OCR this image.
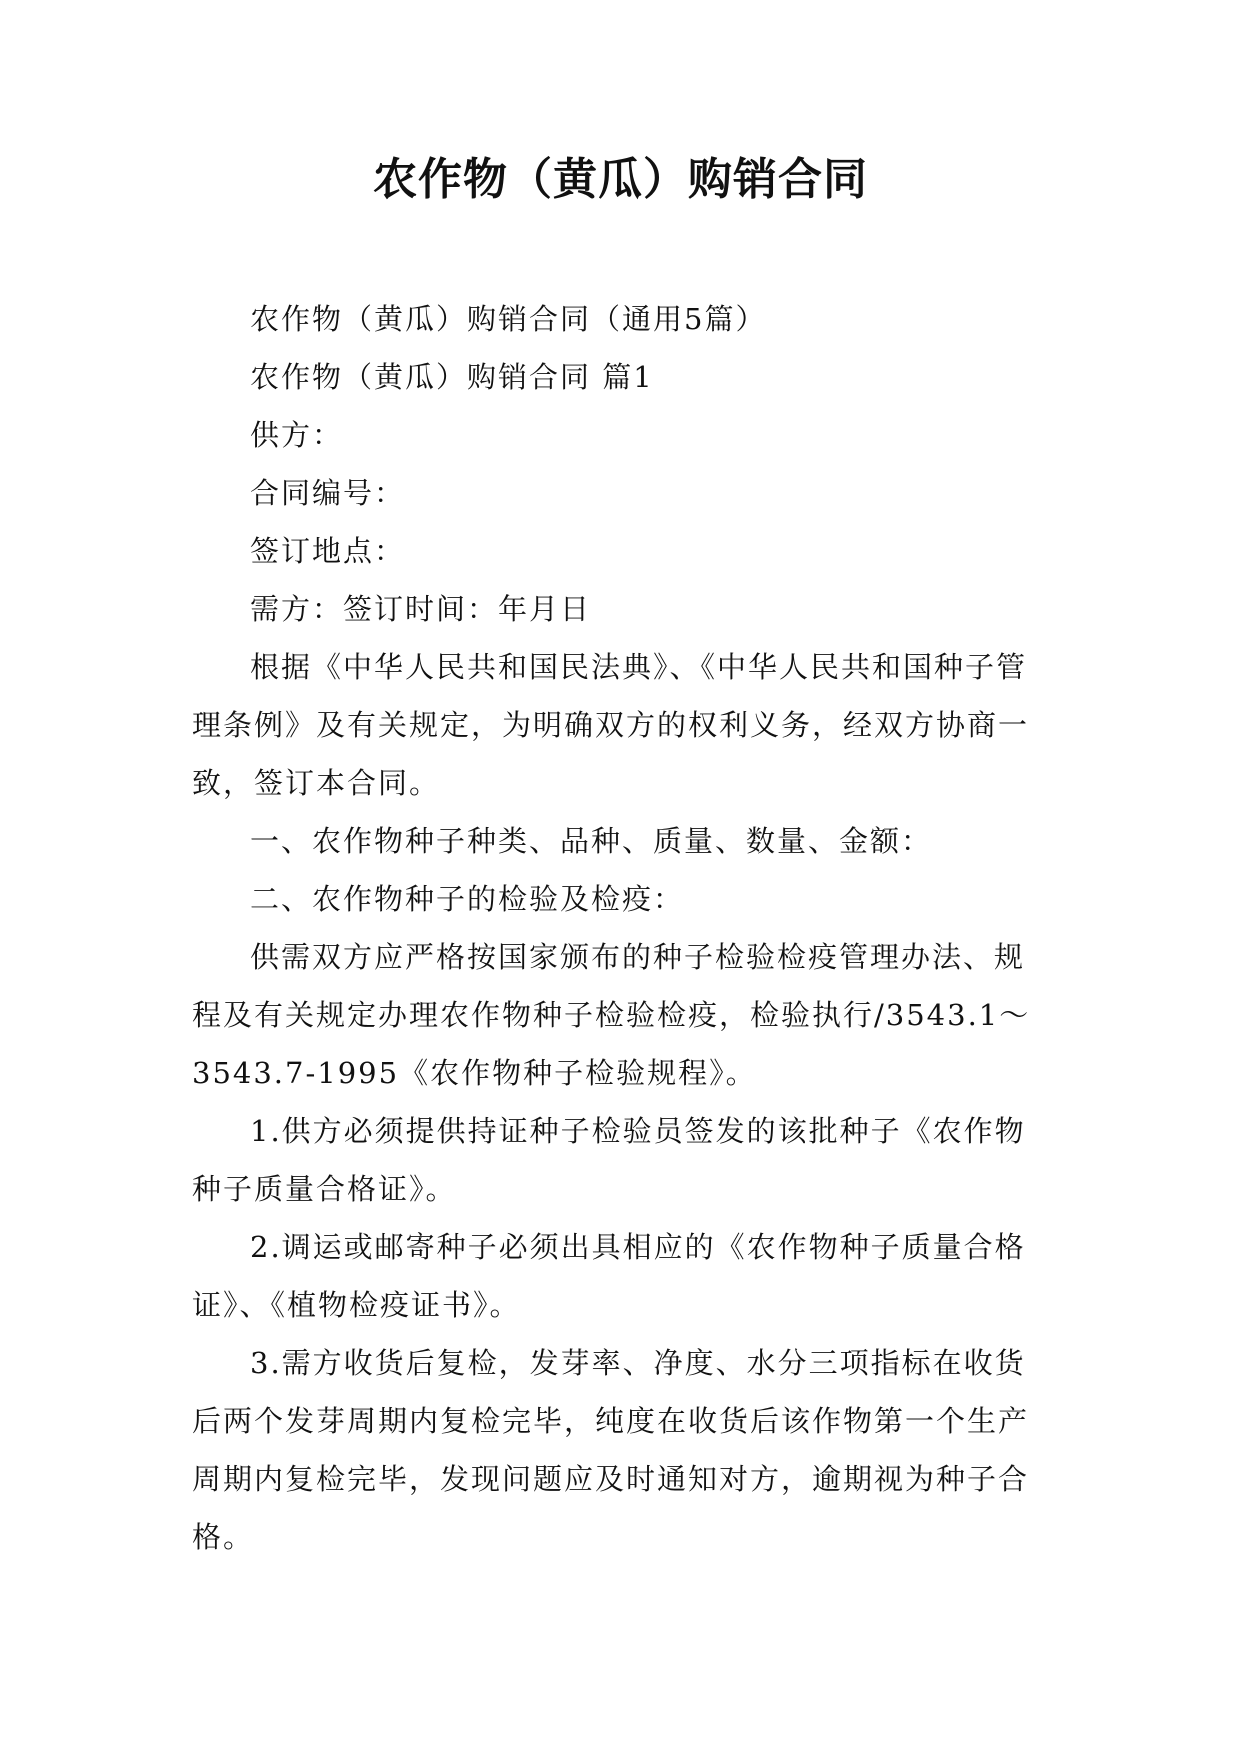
农作物（黄瓜）购销合同

农作物（黄瓜）购销合同（通用5篇）

农作物（黄瓜）购销合同 篇1

供方：

合同编号：

签订地点：

需方：签订时间：年月日

根据《中华人民共和国民法典》、《中华人民共和国种子管理条例》及有关规定，为明确双方的权利义务，经双方协商一致，签订本合同。

一、农作物种子种类、品种、质量、数量、金额：

二、农作物种子的检验及检疫：

供需双方应严格按国家颁布的种子检验检疫管理办法、规程及有关规定办理农作物种子检验检疫，检验执行/3543.1～3543.7-1995《农作物种子检验规程》。

1.供方必须提供持证种子检验员签发的该批种子《农作物种子质量合格证》。

2.调运或邮寄种子必须出具相应的《农作物种子质量合格证》、《植物检疫证书》。

3.需方收货后复检，发芽率、净度、水分三项指标在收货后两个发芽周期内复检完毕，纯度在收货后该作物第一个生产周期内复检完毕，发现问题应及时通知对方，逾期视为种子合格。
